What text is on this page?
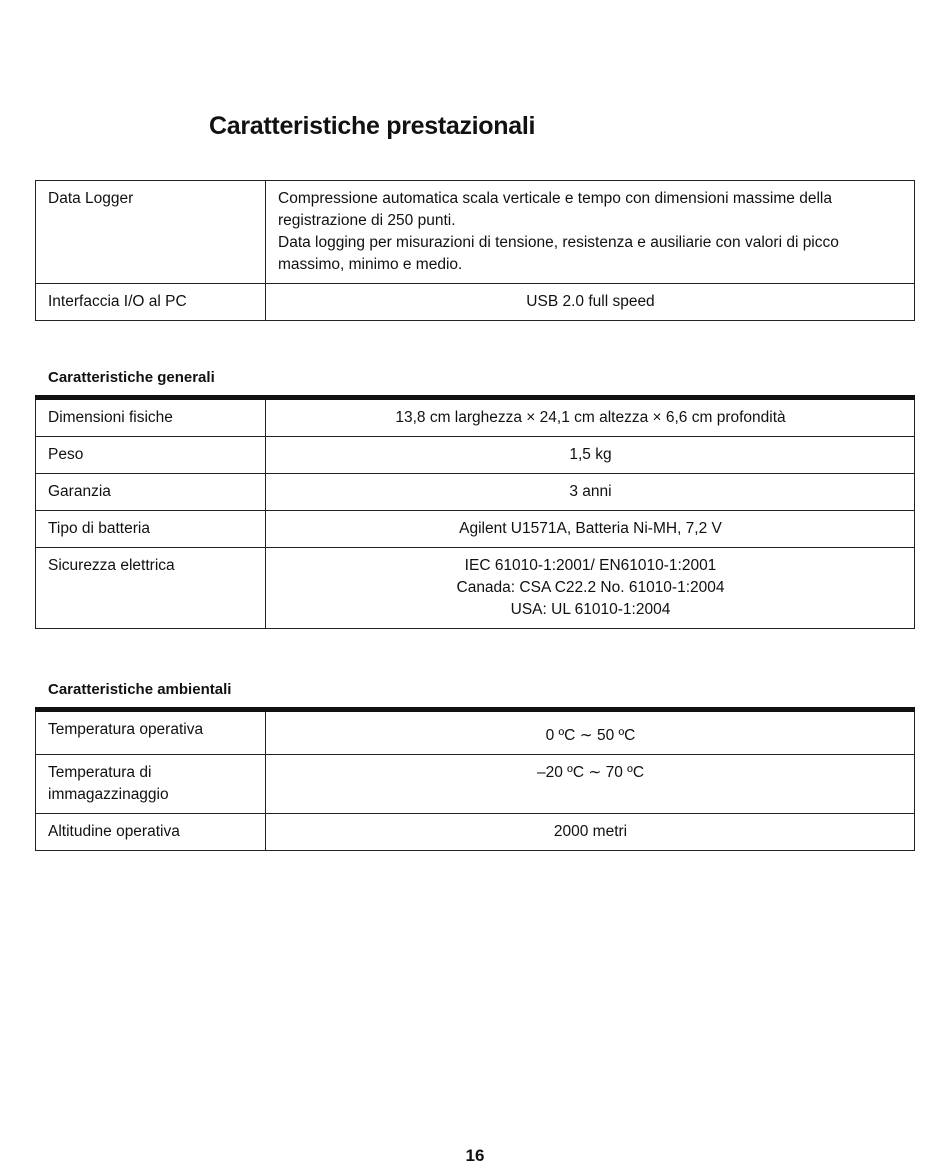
Caratteristiche prestazionali
Data Logger	Compressione automatica scala verticale e tempo con dimensioni massime della
registrazione di 250 punti.
Data logging per misurazioni di tensione, resistenza e ausiliarie con valori di picco
massimo, minimo e medio.

Interfaccia I/O al PC	USB 2.0 full speed
Caratteristiche generali
Dimensioni fisiche	13,8 cm larghezza × 24,1 cm altezza × 6,6 cm profondità

Peso	1,5 kg

Garanzia	3 anni

Tipo di batteria	Agilent U1571A, Batteria Ni-MH, 7,2 V

Sicurezza elettrica	IEC 61010-1:2001/ EN61010-1:2001
Canada: CSA C22.2 No. 61010-1:2004
USA: UL 61010-1:2004
Caratteristiche ambientali
Temperatura operativa	0 ºC ∼ 50 ºC

Temperatura di immagazzinaggio	–20 ºC ∼ 70 ºC

Altitudine operativa	2000 metri
16
